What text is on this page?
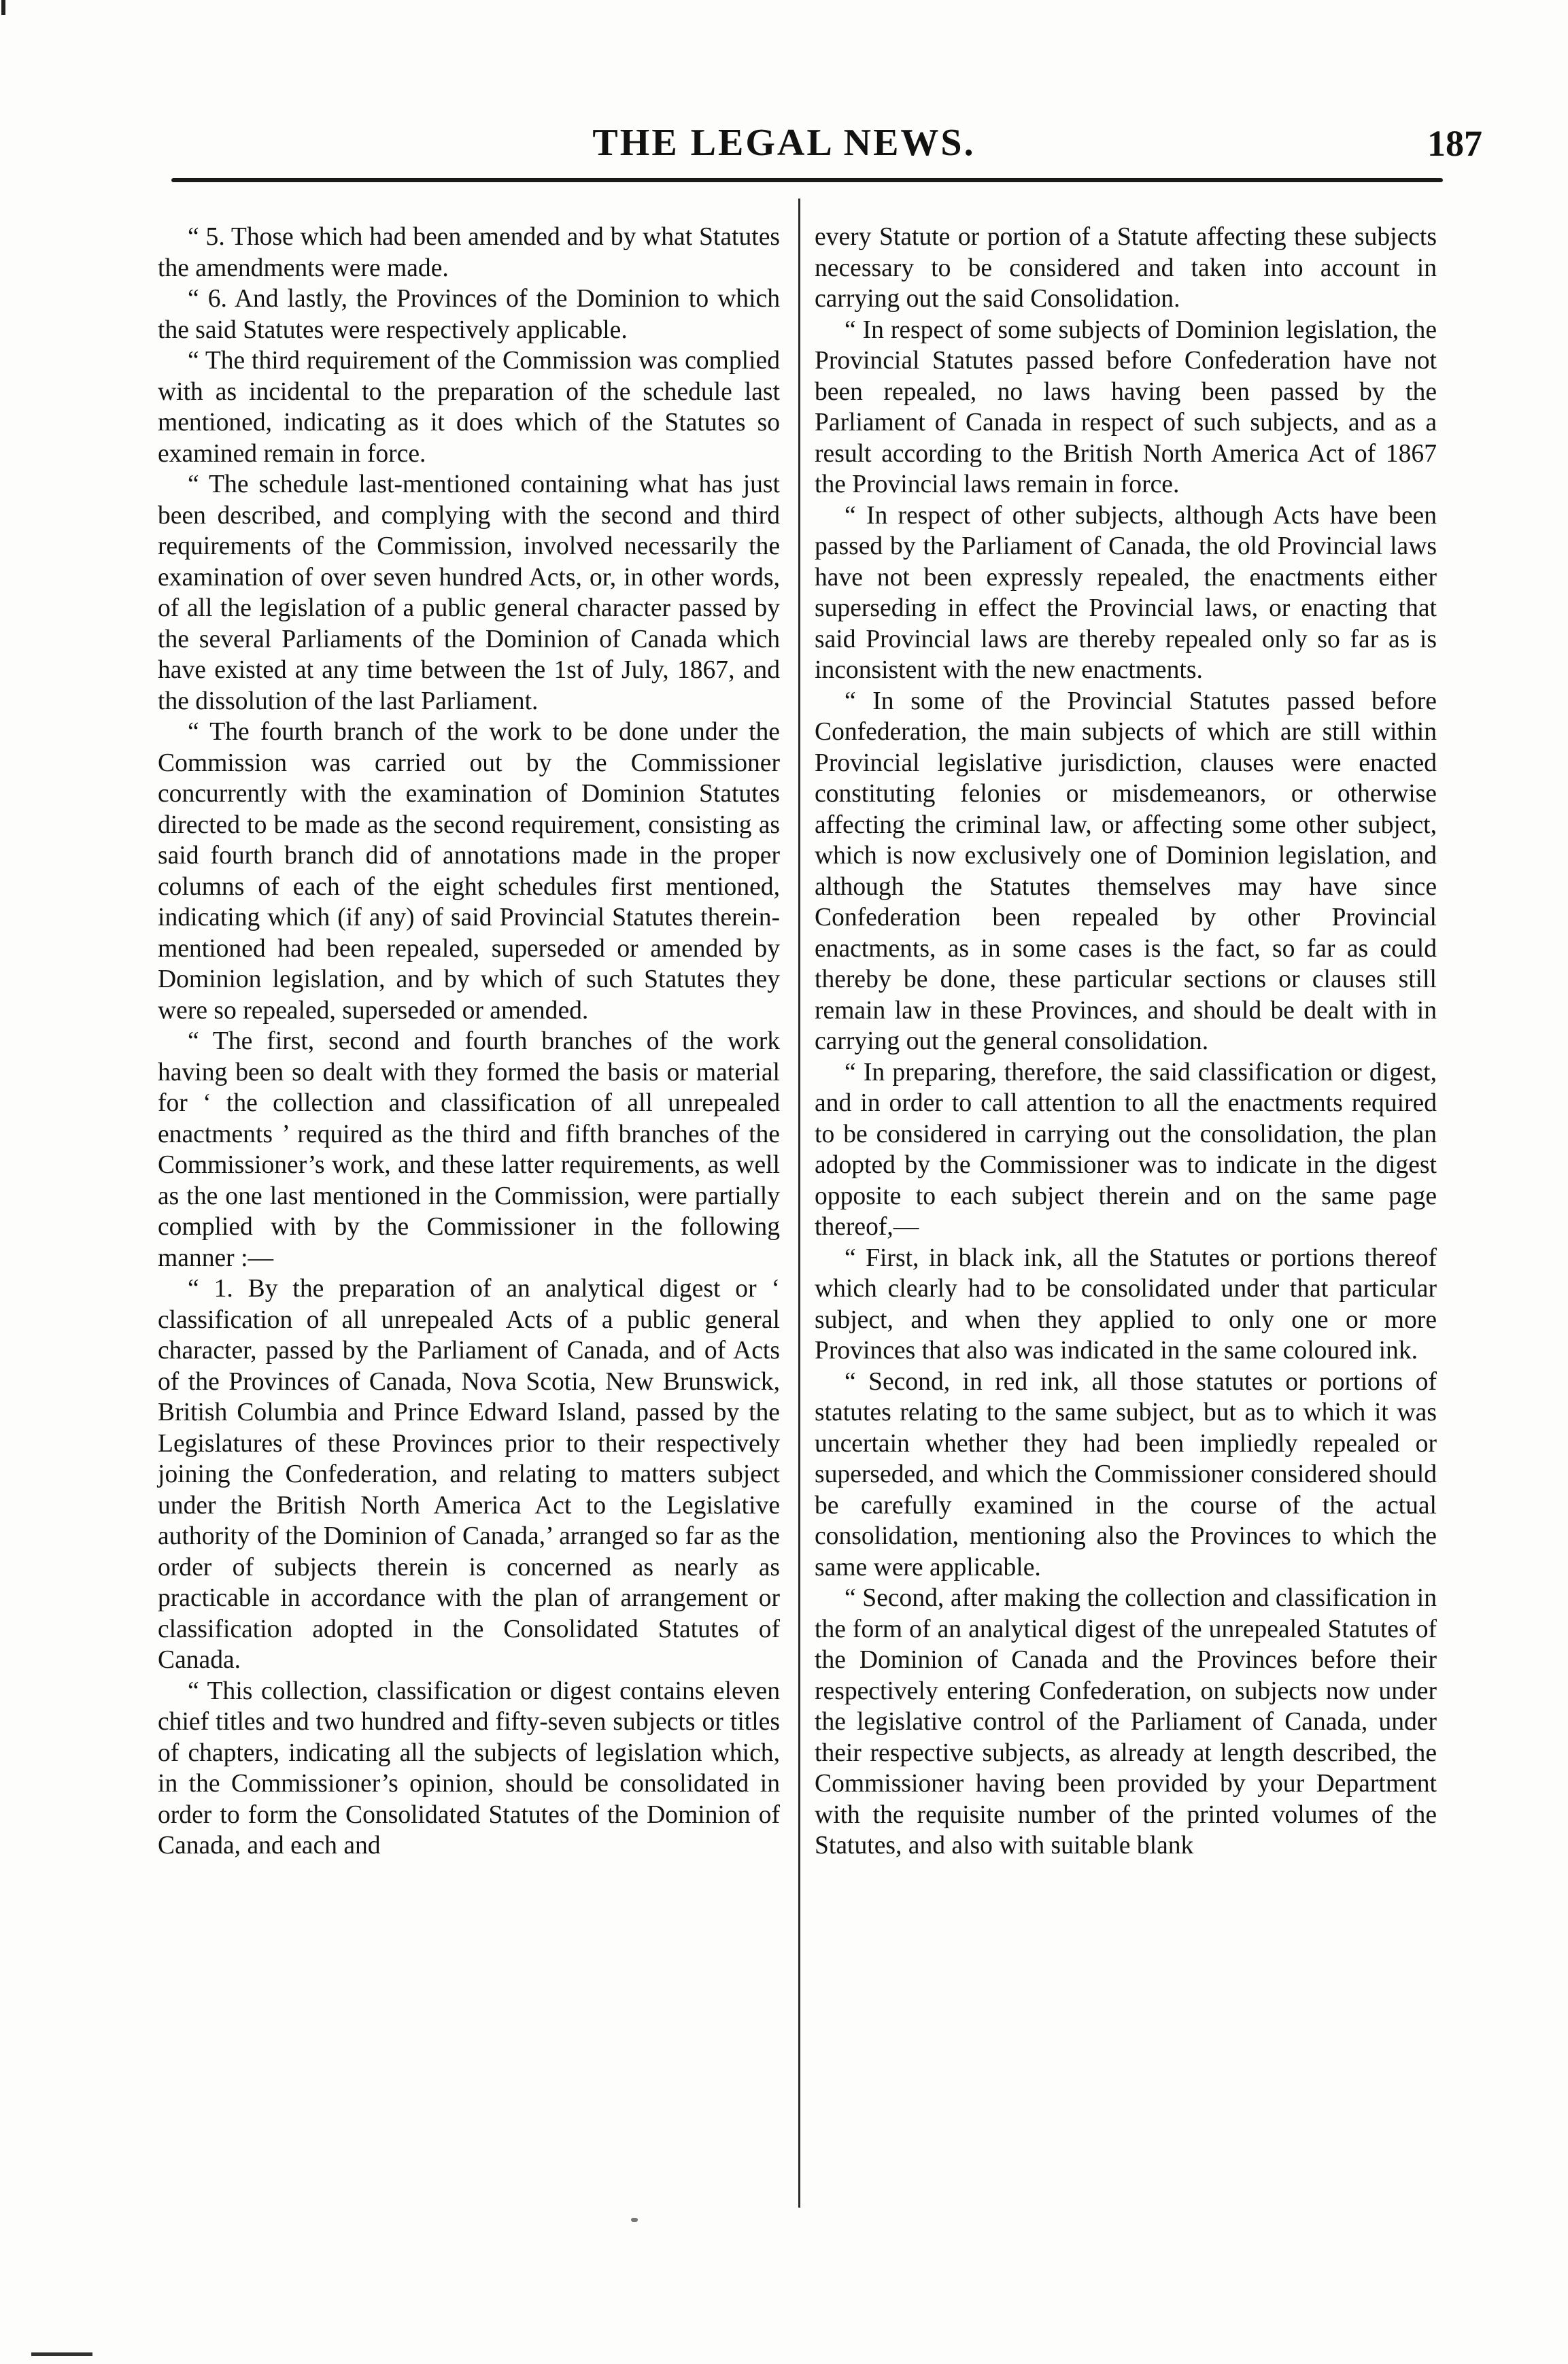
THE LEGAL NEWS.	187

“ 5. Those which had been amended and by what Statutes the amendments were made.

“ 6. And lastly, the Provinces of the Dominion to which the said Statutes were respectively applicable.

“ The third requirement of the Commission was complied with as incidental to the preparation of the schedule last mentioned, indicating as it does which of the Statutes so examined remain in force.

“ The schedule last-mentioned containing what has just been described, and complying with the second and third requirements of the Commission, involved necessarily the examination of over seven hundred Acts, or, in other words, of all the legislation of a public general character passed by the several Parliaments of the Dominion of Canada which have existed at any time between the 1st of July, 1867, and the dissolution of the last Parliament.

“ The fourth branch of the work to be done under the Commission was carried out by the Commissioner concurrently with the examination of Dominion Statutes directed to be made as the second requirement, consisting as said fourth branch did of annotations made in the proper columns of each of the eight schedules first mentioned, indicating which (if any) of said Provincial Statutes therein-mentioned had been repealed, superseded or amended by Dominion legislation, and by which of such Statutes they were so repealed, superseded or amended.

“ The first, second and fourth branches of the work having been so dealt with they formed the basis or material for ‘ the collection and classification of all unrepealed enactments ’ required as the third and fifth branches of the Commissioner’s work, and these latter requirements, as well as the one last mentioned in the Commission, were partially complied with by the Commissioner in the following manner :—

“ 1. By the preparation of an analytical digest or ‘ classification of all unrepealed Acts of a public general character, passed by the Parliament of Canada, and of Acts of the Provinces of Canada, Nova Scotia, New Brunswick, British Columbia and Prince Edward Island, passed by the Legislatures of these Provinces prior to their respectively joining the Confederation, and relating to matters subject under the British North America Act to the Legislative authority of the Dominion of Canada,’ arranged so far as the order of subjects therein is concerned as nearly as practicable in accordance with the plan of arrangement or classification adopted in the Consolidated Statutes of Canada.

“ This collection, classification or digest contains eleven chief titles and two hundred and fifty-seven subjects or titles of chapters, indicating all the subjects of legislation which, in the Commissioner’s opinion, should be consolidated in order to form the Consolidated Statutes of the Dominion of Canada, and each and

every Statute or portion of a Statute affecting these subjects necessary to be considered and taken into account in carrying out the said Consolidation.

“ In respect of some subjects of Dominion legislation, the Provincial Statutes passed before Confederation have not been repealed, no laws having been passed by the Parliament of Canada in respect of such subjects, and as a result according to the British North America Act of 1867 the Provincial laws remain in force.

“ In respect of other subjects, although Acts have been passed by the Parliament of Canada, the old Provincial laws have not been expressly repealed, the enactments either superseding in effect the Provincial laws, or enacting that said Provincial laws are thereby repealed only so far as is inconsistent with the new enactments.

“ In some of the Provincial Statutes passed before Confederation, the main subjects of which are still within Provincial legislative jurisdiction, clauses were enacted constituting felonies or misdemeanors, or otherwise affecting the criminal law, or affecting some other subject, which is now exclusively one of Dominion legislation, and although the Statutes themselves may have since Confederation been repealed by other Provincial enactments, as in some cases is the fact, so far as could thereby be done, these particular sections or clauses still remain law in these Provinces, and should be dealt with in carrying out the general consolidation.

“ In preparing, therefore, the said classification or digest, and in order to call attention to all the enactments required to be considered in carrying out the consolidation, the plan adopted by the Commissioner was to indicate in the digest opposite to each subject therein and on the same page thereof,—

“ First, in black ink, all the Statutes or portions thereof which clearly had to be consolidated under that particular subject, and when they applied to only one or more Provinces that also was indicated in the same coloured ink.

“ Second, in red ink, all those statutes or portions of statutes relating to the same subject, but as to which it was uncertain whether they had been impliedly repealed or superseded, and which the Commissioner considered should be carefully examined in the course of the actual consolidation, mentioning also the Provinces to which the same were applicable.

“ Second, after making the collection and classification in the form of an analytical digest of the unrepealed Statutes of the Dominion of Canada and the Provinces before their respectively entering Confederation, on subjects now under the legislative control of the Parliament of Canada, under their respective subjects, as already at length described, the Commissioner having been provided by your Department with the requisite number of the printed volumes of the Statutes, and also with suitable blank
